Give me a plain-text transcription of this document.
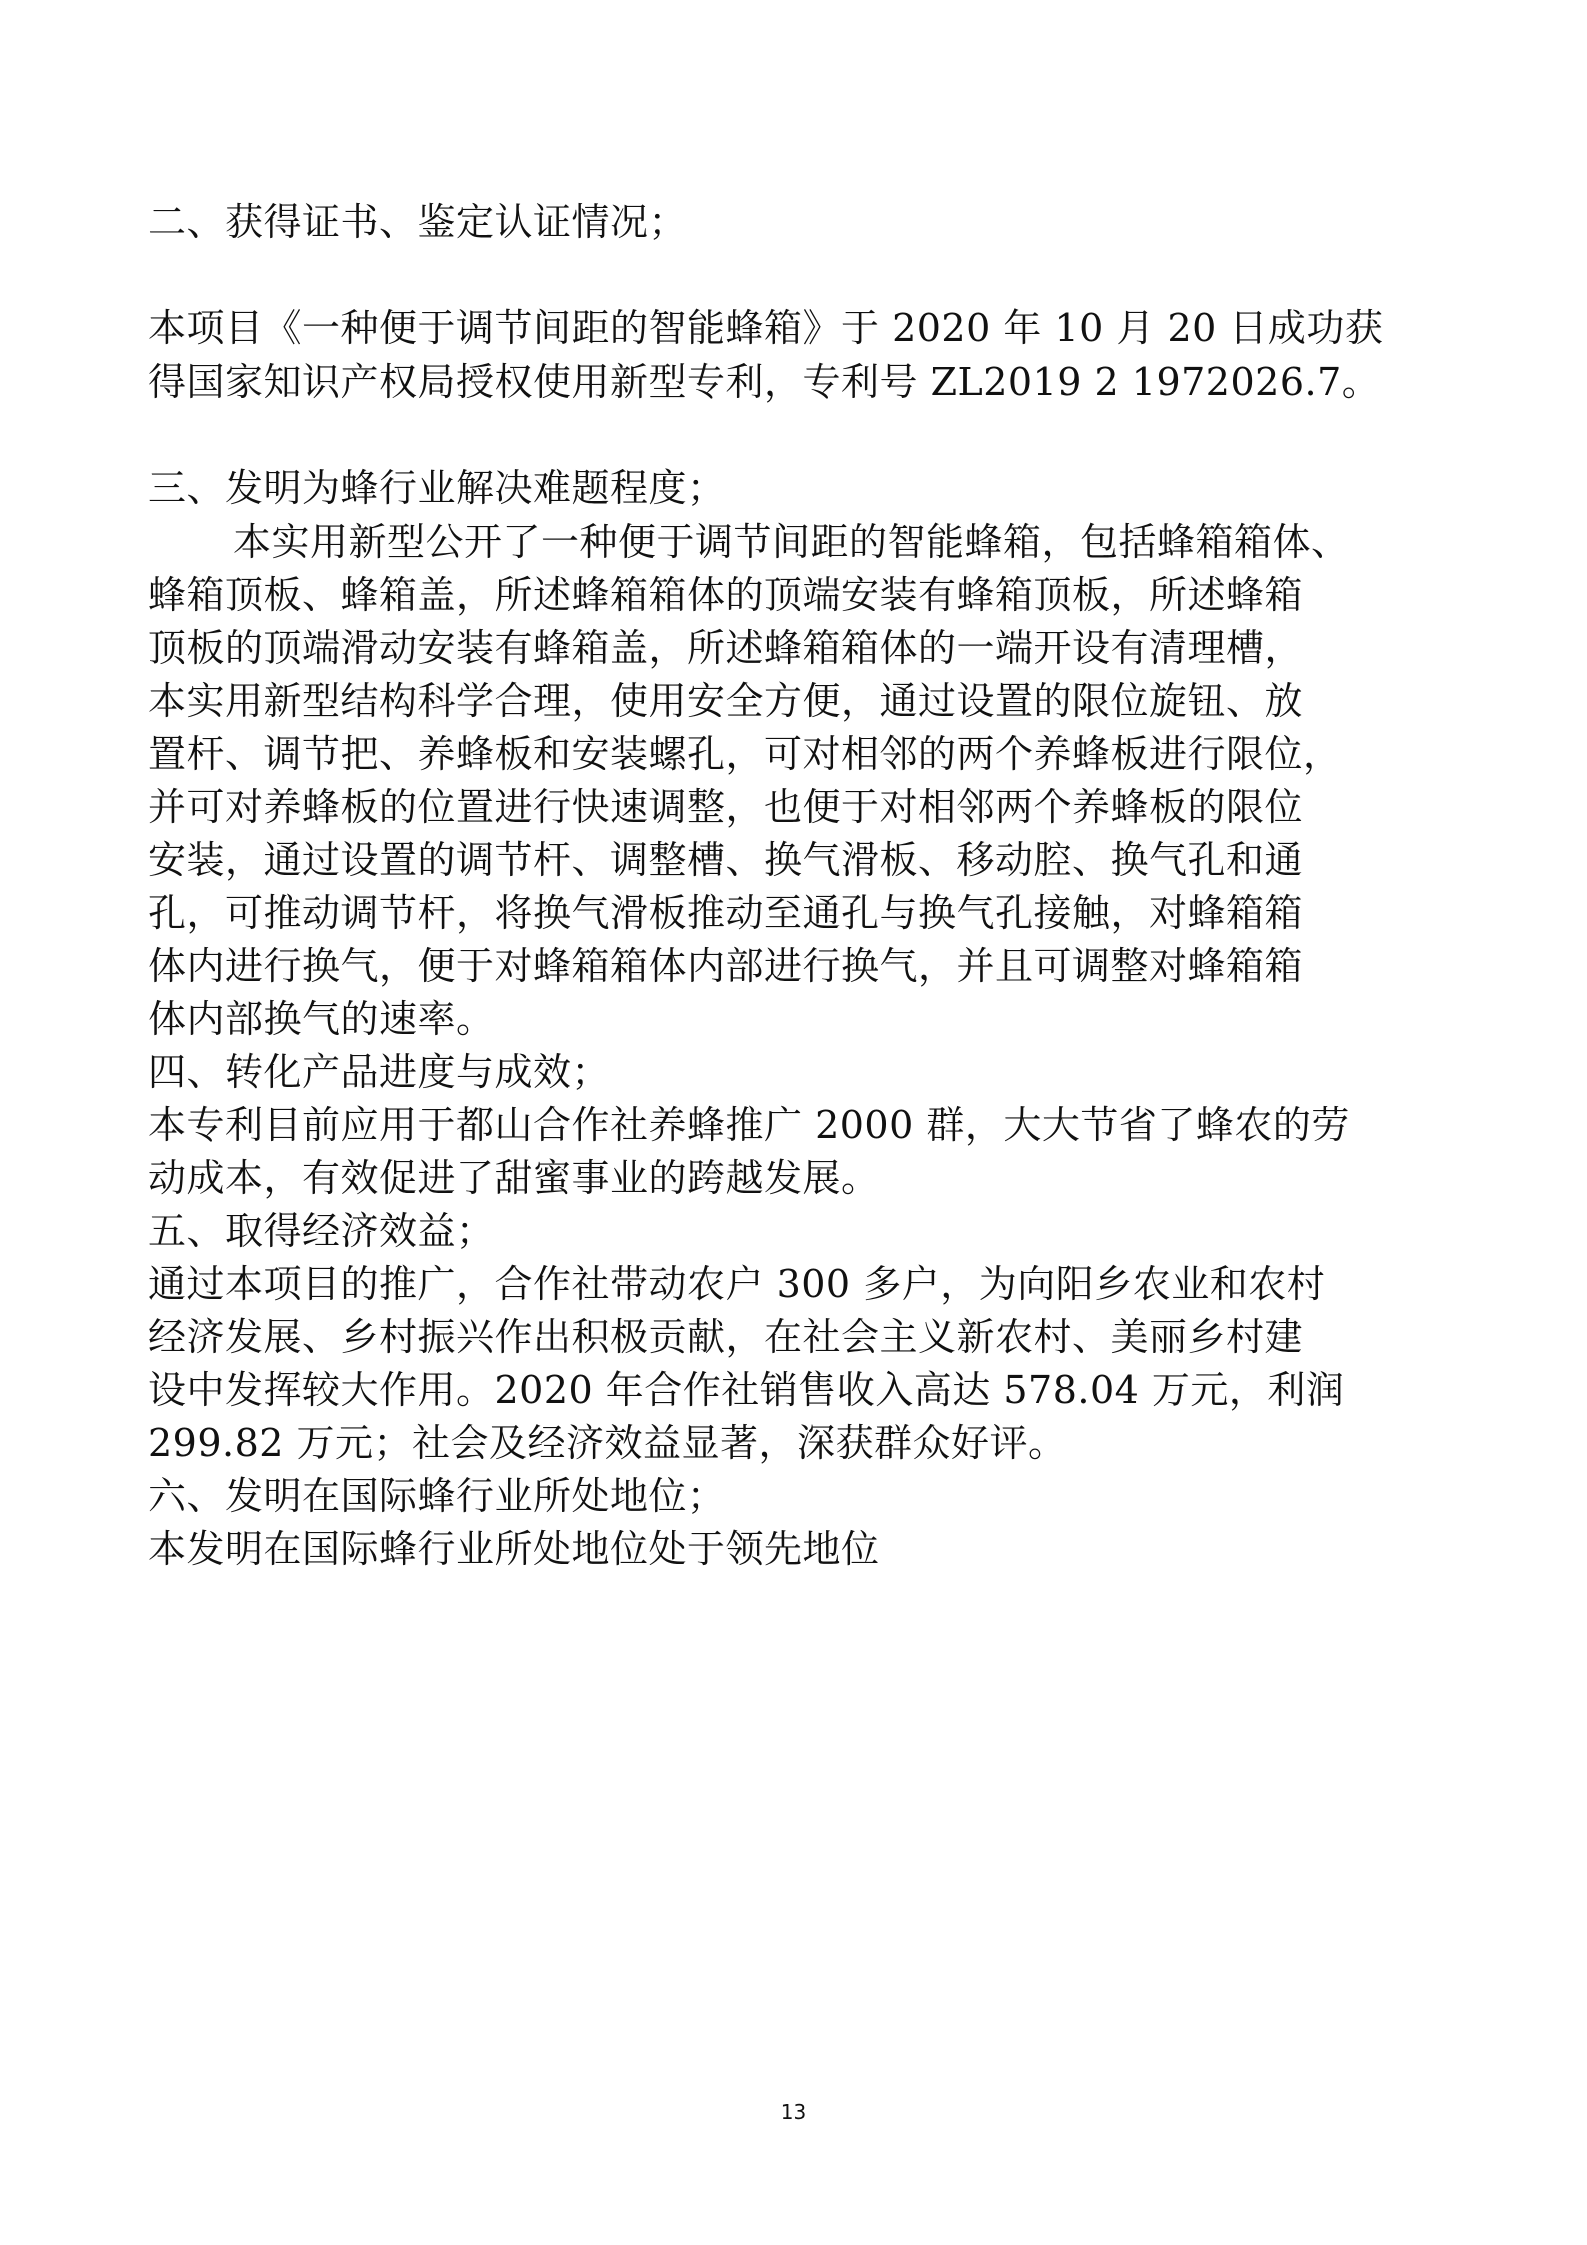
二、获得证书、鉴定认证情况；
本项目《一种便于调节间距的智能蜂箱》于 2020 年 10 月 20 日成功获
得国家知识产权局授权使用新型专利，专利号 ZL2019 2 1972026.7。
三、发明为蜂行业解决难题程度；
本实用新型公开了一种便于调节间距的智能蜂箱，包括蜂箱箱体、
蜂箱顶板、蜂箱盖，所述蜂箱箱体的顶端安装有蜂箱顶板，所述蜂箱
顶板的顶端滑动安装有蜂箱盖，所述蜂箱箱体的一端开设有清理槽，
本实用新型结构科学合理，使用安全方便，通过设置的限位旋钮、放
置杆、调节把、养蜂板和安装螺孔，可对相邻的两个养蜂板进行限位，
并可对养蜂板的位置进行快速调整，也便于对相邻两个养蜂板的限位
安装，通过设置的调节杆、调整槽、换气滑板、移动腔、换气孔和通
孔，可推动调节杆，将换气滑板推动至通孔与换气孔接触，对蜂箱箱
体内进行换气，便于对蜂箱箱体内部进行换气，并且可调整对蜂箱箱
体内部换气的速率。
四、转化产品进度与成效；
本专利目前应用于都山合作社养蜂推广 2000 群，大大节省了蜂农的劳
动成本，有效促进了甜蜜事业的跨越发展。
五、取得经济效益；
通过本项目的推广，合作社带动农户 300 多户，为向阳乡农业和农村
经济发展、乡村振兴作出积极贡献，在社会主义新农村、美丽乡村建
设中发挥较大作用。2020 年合作社销售收入高达 578.04 万元，利润
299.82 万元；社会及经济效益显著，深获群众好评。
六、发明在国际蜂行业所处地位；
本发明在国际蜂行业所处地位处于领先地位
13
